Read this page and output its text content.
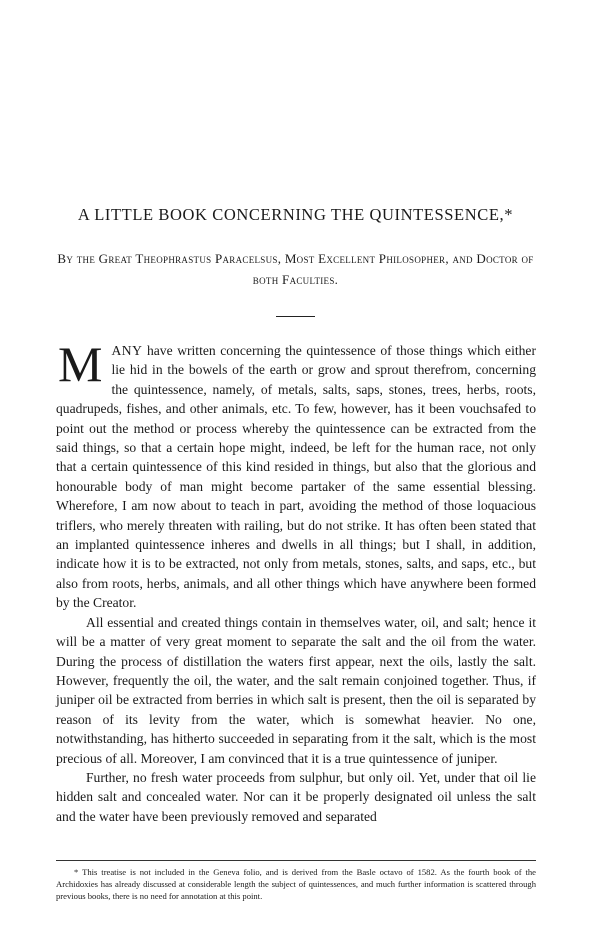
A LITTLE BOOK CONCERNING THE QUINTESSENCE,*
By the Great Theophrastus Paracelsus, Most Excellent Philosopher, and Doctor of both Faculties.

MANY have written concerning the quintessence of those things which either lie hid in the bowels of the earth or grow and sprout therefrom, concerning the quintessence, namely, of metals, salts, saps, stones, trees, herbs, roots, quadrupeds, fishes, and other animals, etc. To few, however, has it been vouchsafed to point out the method or process whereby the quintessence can be extracted from the said things, so that a certain hope might, indeed, be left for the human race, not only that a certain quintessence of this kind resided in things, but also that the glorious and honourable body of man might become partaker of the same essential blessing. Wherefore, I am now about to teach in part, avoiding the method of those loquacious triflers, who merely threaten with railing, but do not strike. It has often been stated that an implanted quintessence inheres and dwells in all things; but I shall, in addition, indicate how it is to be extracted, not only from metals, stones, salts, and saps, etc., but also from roots, herbs, animals, and all other things which have anywhere been formed by the Creator.

All essential and created things contain in themselves water, oil, and salt; hence it will be a matter of very great moment to separate the salt and the oil from the water. During the process of distillation the waters first appear, next the oils, lastly the salt. However, frequently the oil, the water, and the salt remain conjoined together. Thus, if juniper oil be extracted from berries in which salt is present, then the oil is separated by reason of its levity from the water, which is somewhat heavier. No one, notwithstanding, has hitherto succeeded in separating from it the salt, which is the most precious of all. Moreover, I am convinced that it is a true quintessence of juniper.

Further, no fresh water proceeds from sulphur, but only oil. Yet, under that oil lie hidden salt and concealed water. Nor can it be properly designated oil unless the salt and the water have been previously removed and separated

* This treatise is not included in the Geneva folio, and is derived from the Basle octavo of 1582. As the fourth book of the Archidoxies has already discussed at considerable length the subject of quintessences, and much further information is scattered through previous books, there is no need for annotation at this point.
